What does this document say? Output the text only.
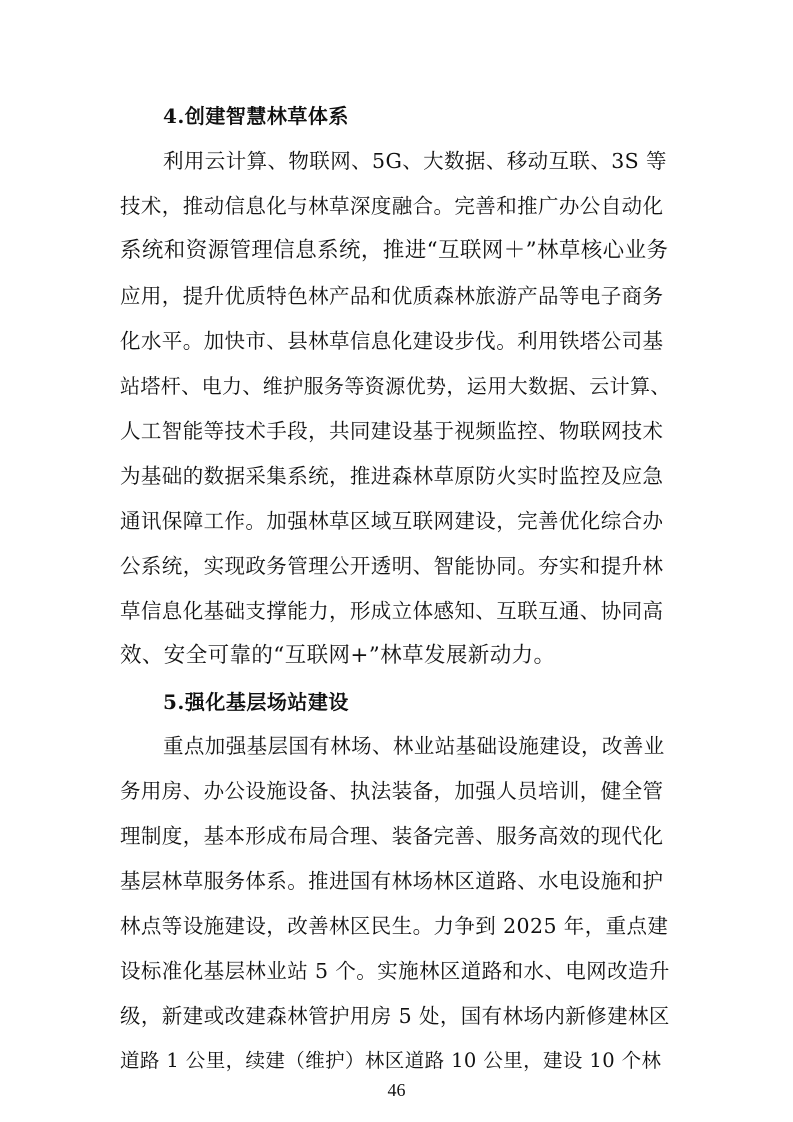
4.创建智慧林草体系
利用云计算、物联网、5G、大数据、移动互联、3S 等
技术，推动信息化与林草深度融合。完善和推广办公自动化
系统和资源管理信息系统，推进“互联网＋”林草核心业务
应用，提升优质特色林产品和优质森林旅游产品等电子商务
化水平。加快市、县林草信息化建设步伐。利用铁塔公司基
站塔杆、电力、维护服务等资源优势，运用大数据、云计算、
人工智能等技术手段，共同建设基于视频监控、物联网技术
为基础的数据采集系统，推进森林草原防火实时监控及应急
通讯保障工作。加强林草区域互联网建设，完善优化综合办
公系统，实现政务管理公开透明、智能协同。夯实和提升林
草信息化基础支撑能力，形成立体感知、互联互通、协同高
效、安全可靠的“互联网+”林草发展新动力。
5.强化基层场站建设
重点加强基层国有林场、林业站基础设施建设，改善业
务用房、办公设施设备、执法装备，加强人员培训，健全管
理制度，基本形成布局合理、装备完善、服务高效的现代化
基层林草服务体系。推进国有林场林区道路、水电设施和护
林点等设施建设，改善林区民生。力争到 2025 年，重点建
设标准化基层林业站 5 个。实施林区道路和水、电网改造升
级，新建或改建森林管护用房 5 处，国有林场内新修建林区
道路 1 公里，续建（维护）林区道路 10 公里，建设 10 个林
46
